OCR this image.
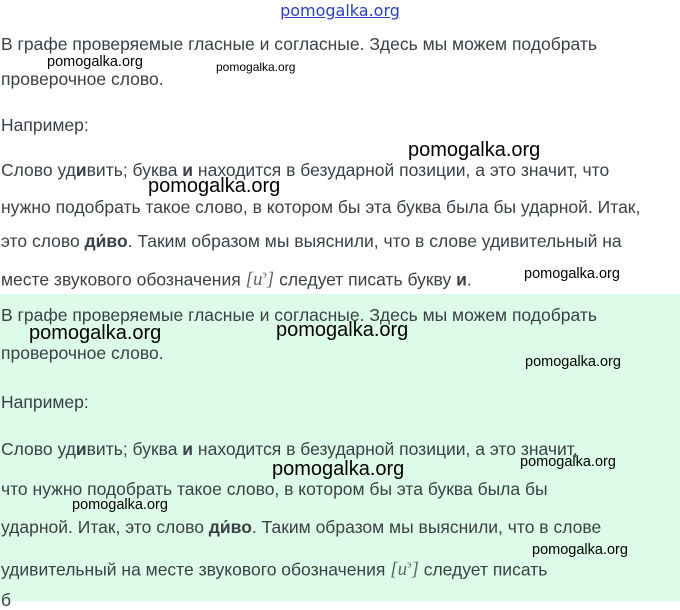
pomogalka.org

В графе проверяемые гласные и согласные. Здесь мы можем подобрать

проверочное слово.

Например:

Слово удивить; буква и находится в безударной позиции, а это значит, что

нужно подобрать такое слово, в котором бы эта буква была бы ударной. Итак,

это слово ди́во. Таким образом мы выяснили, что в слове удивительный на

месте звукового обозначения $[и^э]$ следует писать букву и.

В графе проверяемые гласные и согласные. Здесь мы можем подобрать

проверочное слово.

Например:

Слово удивить; буква и находится в безударной позиции, а это значит,

что нужно подобрать такое слово, в котором бы эта буква была бы

ударной. Итак, это слово ди́во. Таким образом мы выяснили, что в слове

удивительный на месте звукового обозначения $[и^э]$ следует писать

б

pomogalka.org	pomogalka.org
pomogalka.org
pomogalka.org
pomogalka.org
pomogalka.org	pomogalka.org
pomogalka.org
pomogalka.org	pomogalka.org
pomogalka.org
pomogalka.org
